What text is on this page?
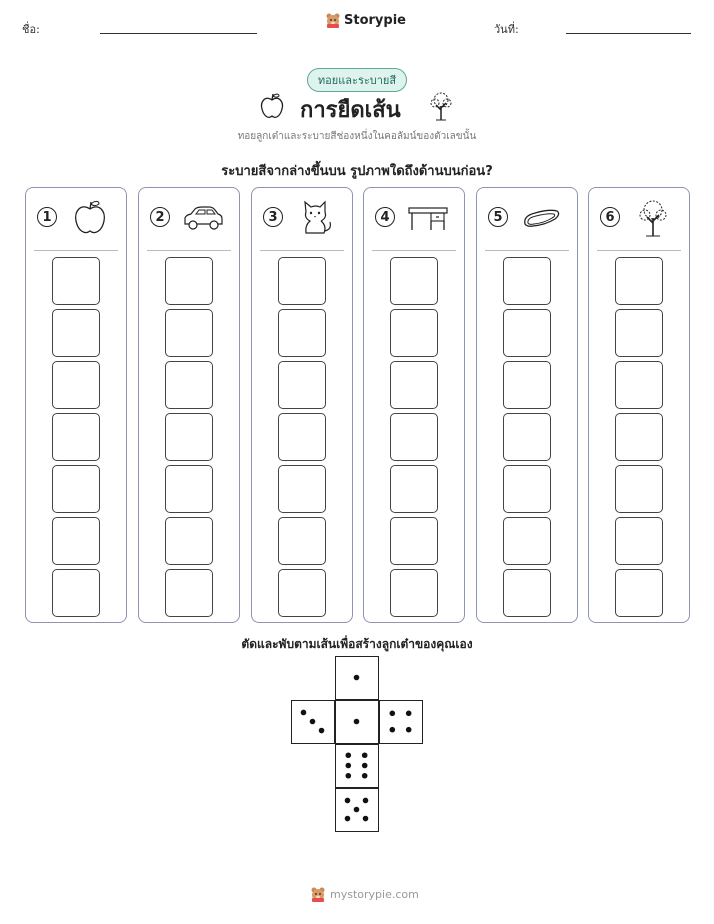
ชื่อ:
Storypie
วันที่:
ทอยและระบายสี
การยืดเส้น
ทอยลูกเต๋าและระบายสีช่องหนึ่งในคอลัมน์ของตัวเลขนั้น
ระบายสีจากล่างขึ้นบน รูปภาพใดถึงด้านบนก่อน?
1	2	3	4	5	6
ตัดและพับตามเส้นเพื่อสร้างลูกเต๋าของคุณเอง
mystorypie.com
